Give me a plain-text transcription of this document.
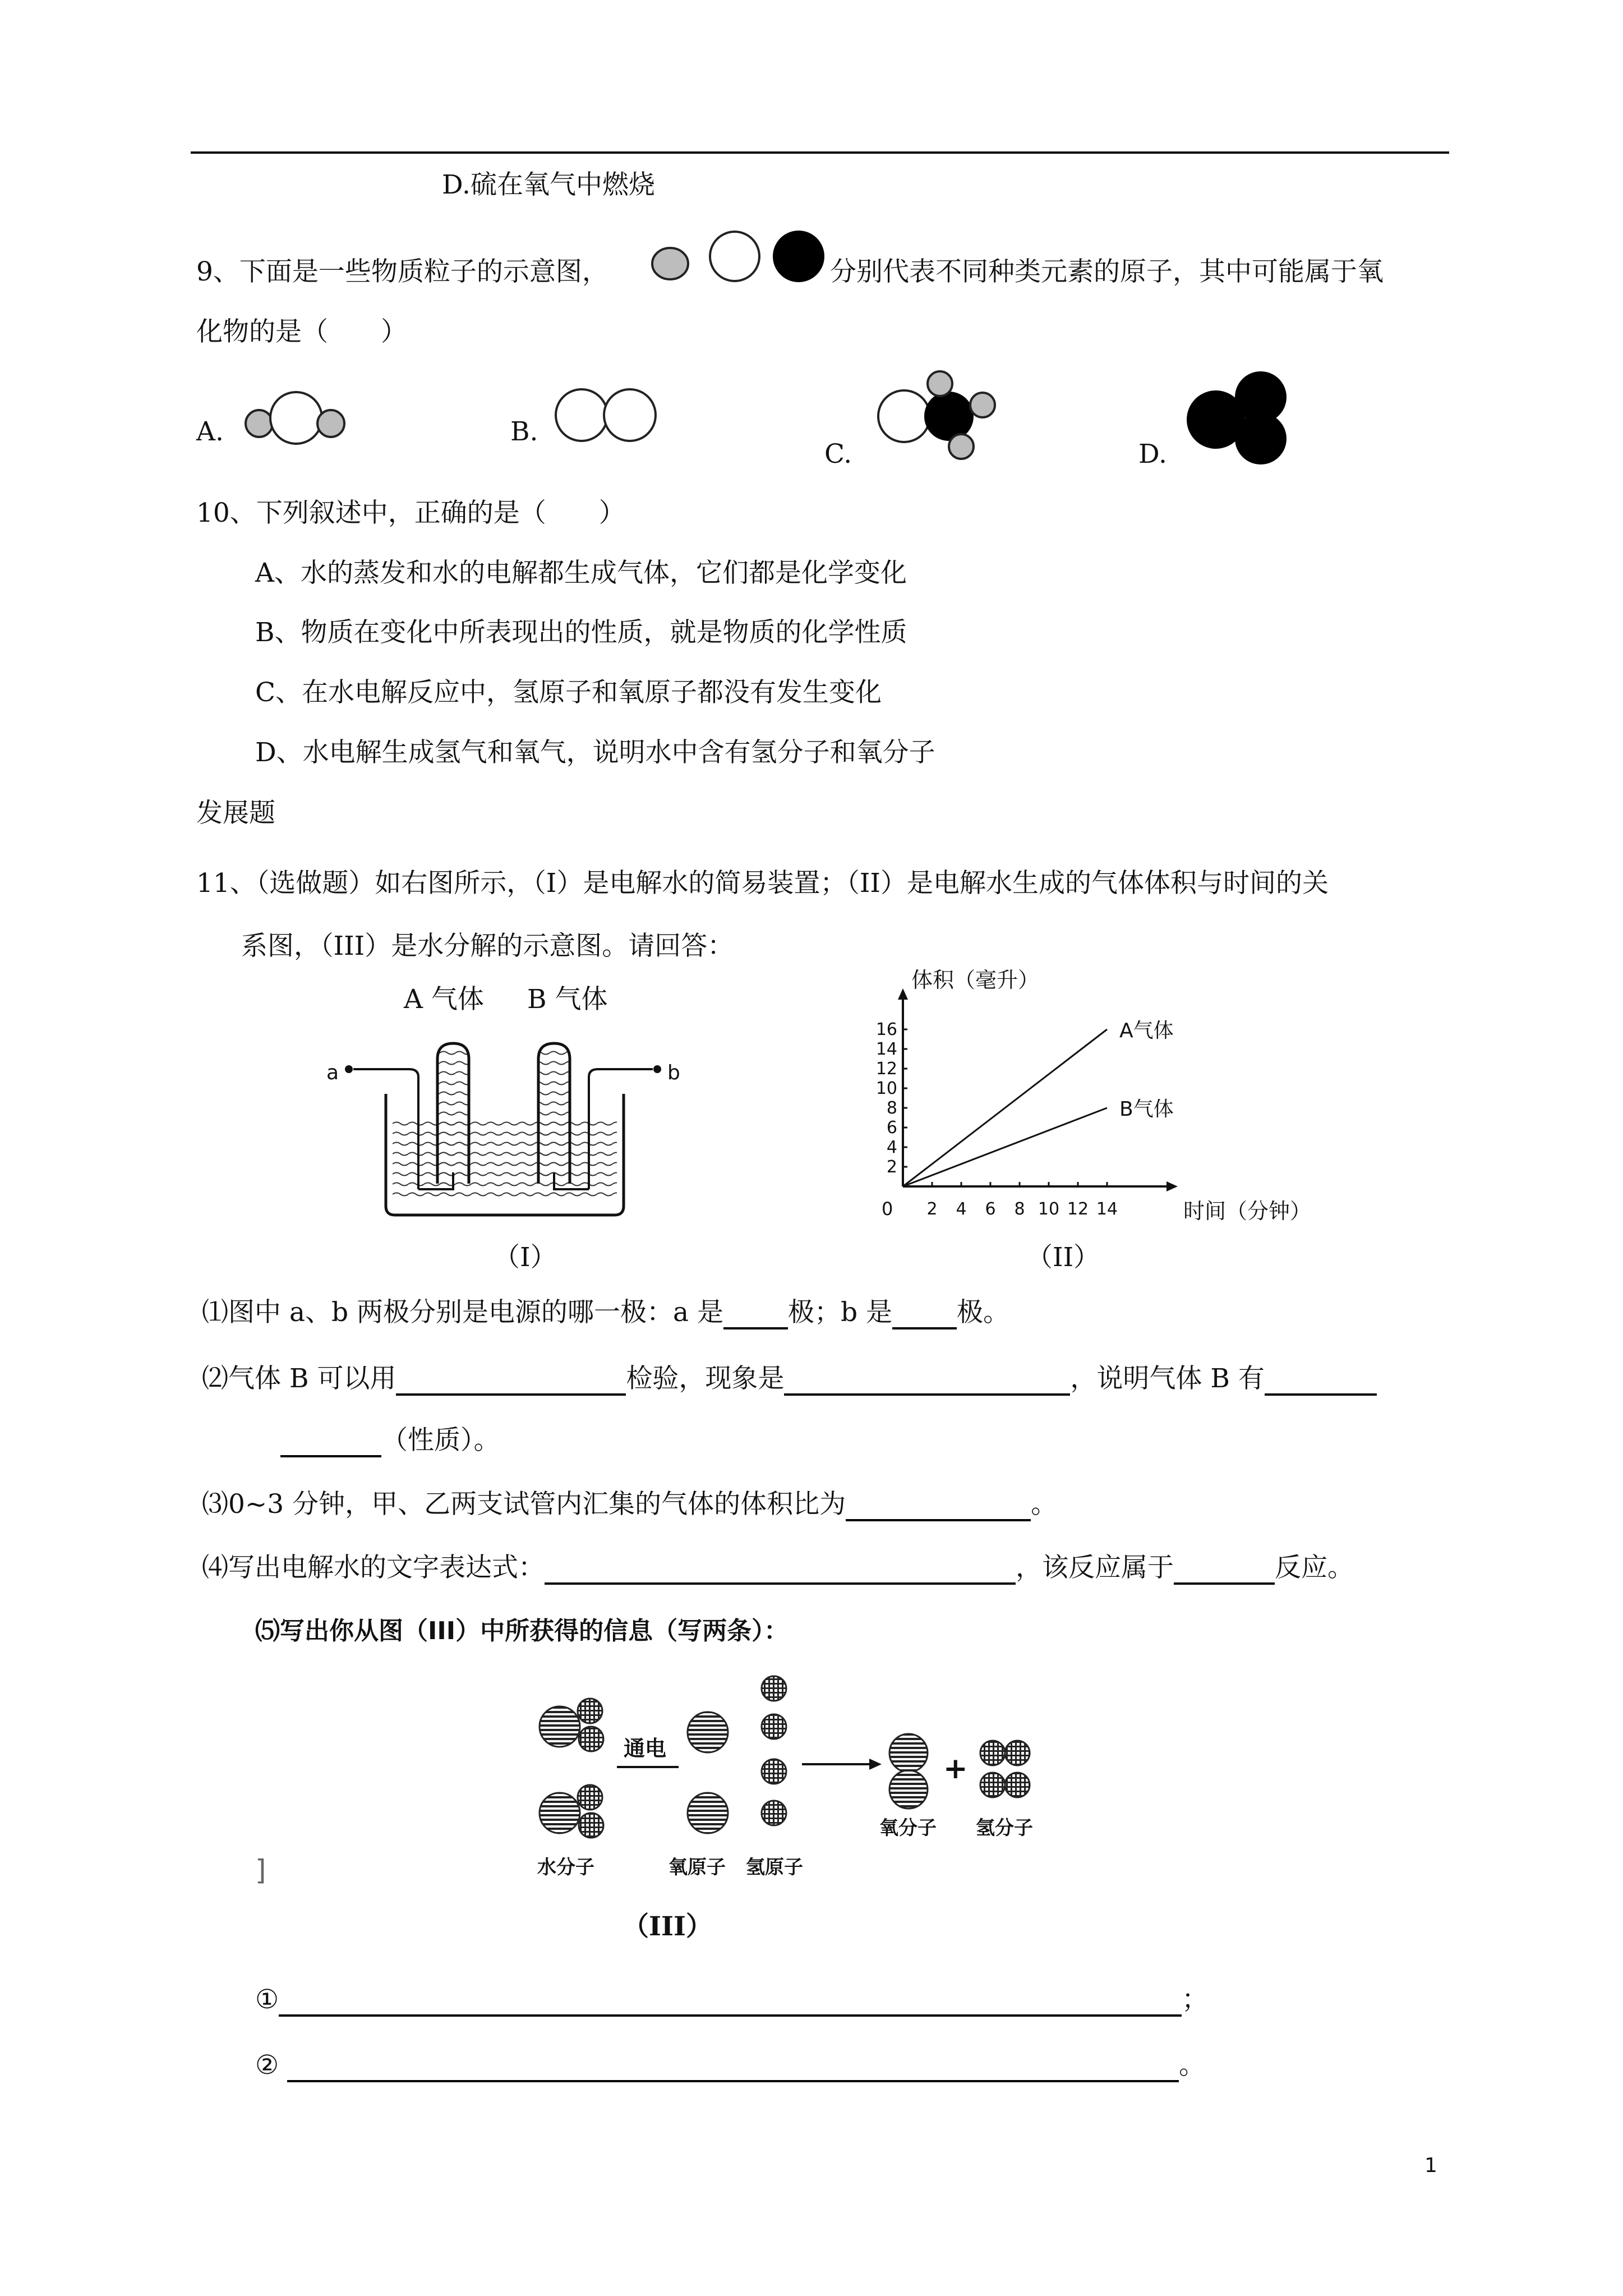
D.硫在氧气中燃烧
9、下面是一些物质粒子的示意图，	分别代表不同种类元素的原子，其中可能属于氧
化物的是（　　）
A.	B.
C.	D.
10、下列叙述中，正确的是（　　）
A、水的蒸发和水的电解都生成气体，它们都是化学变化
B、物质在变化中所表现出的性质，就是物质的化学性质
C、在水电解反应中，氢原子和氧原子都没有发生变化
D、水电解生成氢气和氧气，说明水中含有氢分子和氧分子
发展题
11、（选做题）如右图所示，（I）是电解水的简易装置；（II）是电解水生成的气体体积与时间的关
系图，（III）是水分解的示意图。请回答：
A 气体 B 气体
a	b
（I）
体积（毫升）
时间（分钟）
0
2
4
6
8
10
12
14
16
2 4 6 8 10 12 14
A气体
B气体
（II）
⑴图中 a、b 两极分别是电源的哪一极：a 是 极；b 是 极。
⑵气体 B 可以用	检验，现象是	，说明气体 B 有
（性质）。
⑶0~3 分钟，甲、乙两支试管内汇集的气体的体积比为	。
⑷写出电解水的文字表达式：	，该反应属于	反应。
⑸写出你从图（III）中所获得的信息（写两条）：
通电
+
水分子	氧原子 氢原子
氧分子 氢分子
]
（III）
①	；
②	。
1
